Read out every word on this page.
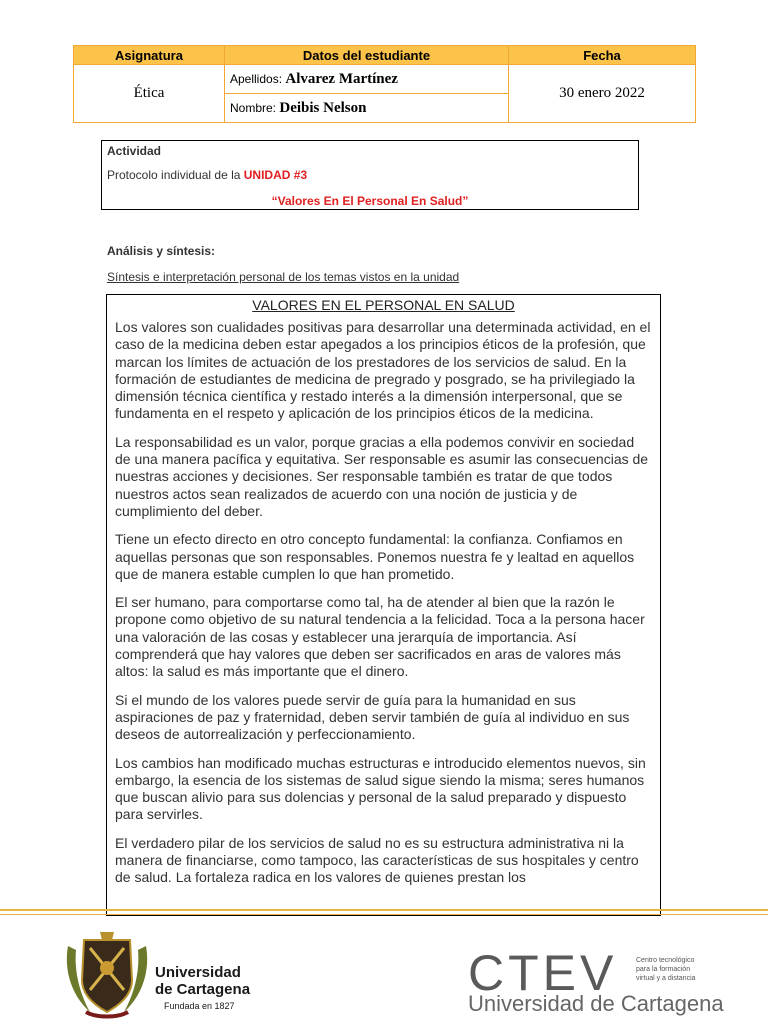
Asignatura	Datos del estudiante	Fecha
Ética	Apellidos: Alvarez Martínez	30 enero 2022
	Nombre: Deibis Nelson	
Actividad
Protocolo individual de la UNIDAD #3
“Valores En El Personal En Salud”
Análisis y síntesis:
Síntesis e interpretación personal de los temas vistos en la unidad
VALORES EN EL PERSONAL EN SALUD

Los valores son cualidades positivas para desarrollar una determinada actividad, en el caso de la medicina deben estar apegados a los principios éticos de la profesión, que marcan los límites de actuación de los prestadores de los servicios de salud. En la formación de estudiantes de medicina de pregrado y posgrado, se ha privilegiado la dimensión técnica científica y restado interés a la dimensión interpersonal, que se fundamenta en el respeto y aplicación de los principios éticos de la medicina.

La responsabilidad es un valor, porque gracias a ella podemos convivir en sociedad de una manera pacífica y equitativa. Ser responsable es asumir las consecuencias de nuestras acciones y decisiones. Ser responsable también es tratar de que todos nuestros actos sean realizados de acuerdo con una noción de justicia y de cumplimiento del deber.

Tiene un efecto directo en otro concepto fundamental: la confianza. Confiamos en aquellas personas que son responsables. Ponemos nuestra fe y lealtad en aquellos que de manera estable cumplen lo que han prometido.

El ser humano, para comportarse como tal, ha de atender al bien que la razón le propone como objetivo de su natural tendencia a la felicidad. Toca a la persona hacer una valoración de las cosas y establecer una jerarquía de importancia. Así comprenderá que hay valores que deben ser sacrificados en aras de valores más altos: la salud es más importante que el dinero.

Si el mundo de los valores puede servir de guía para la humanidad en sus aspiraciones de paz y fraternidad, deben servir también de guía al individuo en sus deseos de autorrealización y perfeccionamiento.

Los cambios han modificado muchas estructuras e introducido elementos nuevos, sin embargo, la esencia de los sistemas de salud sigue siendo la misma; seres humanos que buscan alivio para sus dolencias y personal de la salud preparado y dispuesto para servirles.

El verdadero pilar de los servicios de salud no es su estructura administrativa ni la manera de financiarse, como tampoco, las características de sus hospitales y centro de salud. La fortaleza radica en los valores de quienes prestan los

Universidad
de Cartagena
Fundada en 1827
CTEV	Centro tecnológico
para la formación
virtual y a distancia
Universidad de Cartagena
